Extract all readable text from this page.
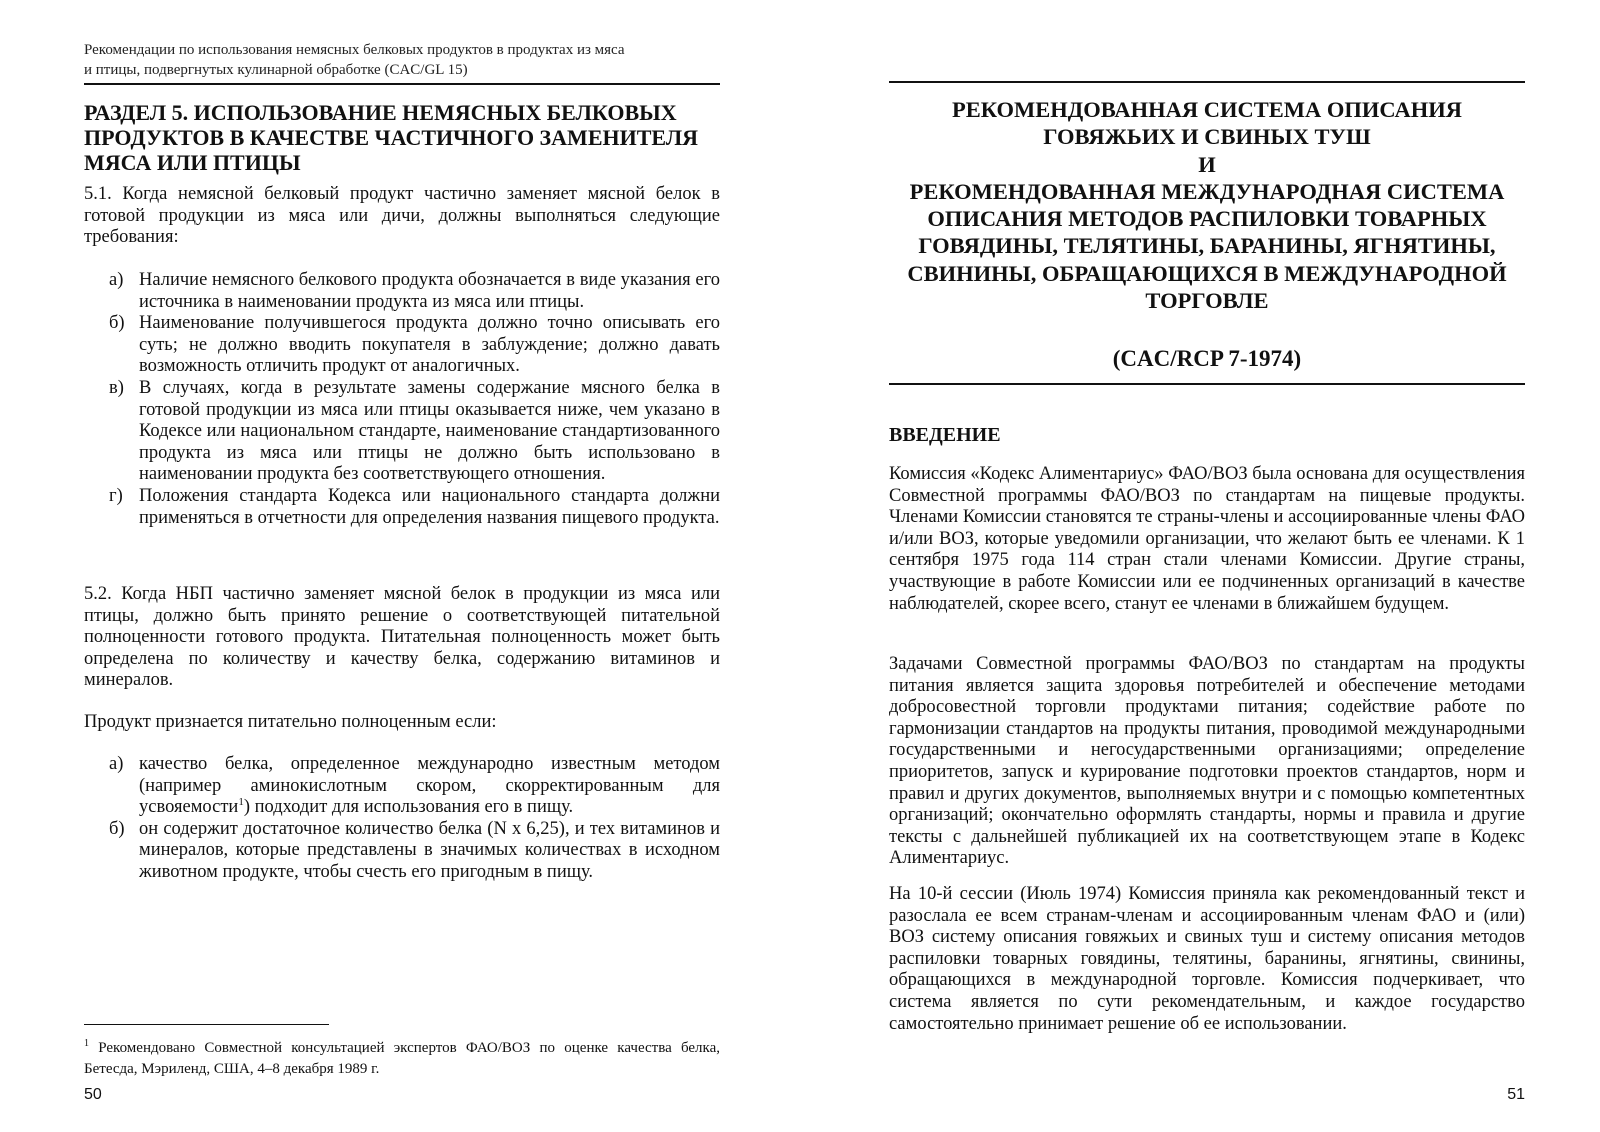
Рекомендации по использования немясных белковых продуктов в продуктах из мяса
и птицы, подвергнутых кулинарной обработке (CAC/GL 15)
РАЗДЕЛ 5. ИСПОЛЬЗОВАНИЕ НЕМЯСНЫХ БЕЛКОВЫХ
ПРОДУКТОВ В КАЧЕСТВЕ ЧАСТИЧНОГО ЗАМЕНИТЕЛЯ
МЯСА ИЛИ ПТИЦЫ

5.1. Когда немясной белковый продукт частично заменяет мясной белок в готовой продукции из мяса или дичи, должны выполняться следующие требования:

а) Наличие немясного белкового продукта обозначается в виде указания его источника в наименовании продукта из мяса или птицы.
б) Наименование получившегося продукта должно точно описывать его суть; не должно вводить покупателя в заблуждение; должно давать возможность отличить продукт от аналогичных.
в) В случаях, когда в результате замены содержание мясного белка в готовой продукции из мяса или птицы оказывается ниже, чем указано в Кодексе или национальном стандарте, наименование стандартизованного продукта из мяса или птицы не должно быть использовано в наименовании продукта без соответствующего отношения.
г) Положения стандарта Кодекса или национального стандарта должни применяться в отчетности для определения названия пищевого продукта.

5.2. Когда НБП частично заменяет мясной белок в продукции из мяса или птицы, должно быть принято решение о соответствующей питательной полноценности готового продукта. Питательная полноценность может быть определена по количеству и качеству белка, содержанию витаминов и минералов.

Продукт признается питательно полноценным если:

а) качество белка, определенное международно известным методом (например аминокислотным скором, скорректированным для усвояемости$^1$) подходит для использования его в пищу.
б) он содержит достаточное количество белка (N x 6,25), и тех витаминов и минералов, которые представлены в значимых количествах в исходном животном продукте, чтобы счесть его пригодным в пищу.
$^1$ Рекомендовано Совместной консультацией экспертов ФАО/ВОЗ по оценке качества белка, Бетесда, Мэриленд, США, 4–8 декабря 1989 г.
50
РЕКОМЕНДОВАННАЯ СИСТЕМА ОПИСАНИЯ
ГОВЯЖЬИХ И СВИНЫХ ТУШ
И
РЕКОМЕНДОВАННАЯ МЕЖДУНАРОДНАЯ СИСТЕМА
ОПИСАНИЯ МЕТОДОВ РАСПИЛОВКИ ТОВАРНЫХ
ГОВЯДИНЫ, ТЕЛЯТИНЫ, БАРАНИНЫ, ЯГНЯТИНЫ,
СВИНИНЫ, ОБРАЩАЮЩИХСЯ В МЕЖДУНАРОДНОЙ
ТОРГОВЛЕ
(CAC/RCP 7-1974)
ВВЕДЕНИЕ

Комиссия «Кодекс Алиментариус» ФАО/ВОЗ была основана для осуществления Совместной программы ФАО/ВОЗ по стандартам на пищевые продукты. Членами Комиссии становятся те страны-члены и ассоциированные члены ФАО и/или ВОЗ, которые уведомили организации, что желают быть ее членами. К 1 сентября 1975 года 114 стран стали членами Комиссии. Другие страны, участвующие в работе Комиссии или ее подчиненных организаций в качестве наблюдателей, скорее всего, станут ее членами в ближайшем будущем.

Задачами Совместной программы ФАО/ВОЗ по стандартам на продукты питания является защита здоровья потребителей и обеспечение методами добросовестной торговли продуктами питания; содействие работе по гармонизации стандартов на продукты питания, проводимой международными государственными и негосударственными организациями; определение приоритетов, запуск и курирование подготовки проектов стандартов, норм и правил и других документов, выполняемых внутри и с помощью компетентных организаций; окончательно оформлять стандарты, нормы и правила и другие тексты с дальнейшей публикацией их на соответствующем этапе в Кодекс Алиментариус.

На 10-й сессии (Июль 1974) Комиссия приняла как рекомендованный текст и разослала ее всем странам-членам и ассоциированным членам ФАО и (или) ВОЗ систему описания говяжьих и свиных туш и систему описания методов распиловки товарных говядины, телятины, баранины, ягнятины, свинины, обращающихся в международной торговле. Комиссия подчеркивает, что система является по сути рекомендательным, и каждое государство самостоятельно принимает решение об ее использовании.

51
